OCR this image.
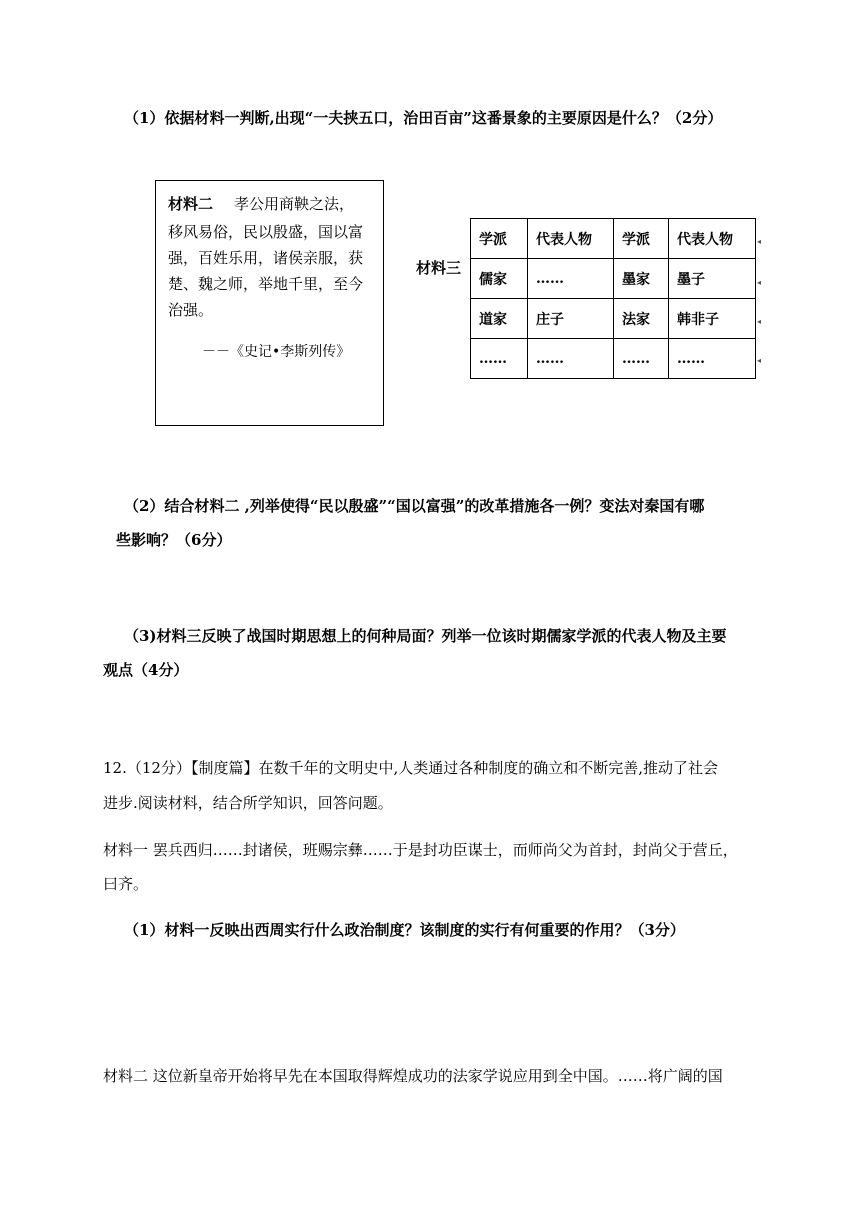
（1）依据材料一判断,出现“一夫挟五口，治田百亩”这番景象的主要原因是什么？（2分）
材料二 孝公用商鞅之法，
移风易俗，民以殷盛，国以富
强，百姓乐用，诸侯亲服，获
楚、魏之师，举地千里，至今
治强。
－－《史记•李斯列传》
材料三
学派	代表人物	学派	代表人物
儒家	……	墨家	墨子
道家	庄子	法家	韩非子
……	……	……	……
◂
◂
◂
◂
（2）结合材料二 ,列举使得“民以殷盛”“国以富强”的改革措施各一例？变法对秦国有哪
些影响？（6分）
（3)材料三反映了战国时期思想上的何种局面？列举一位该时期儒家学派的代表人物及主要
观点（4分）
12.（12分）【制度篇】在数千年的文明史中,人类通过各种制度的确立和不断完善,推动了社会
进步.阅读材料，结合所学知识，回答问题。
材料一 罢兵西归……封诸侯，班赐宗彝……于是封功臣谋士，而师尚父为首封，封尚父于营丘，
曰齐。
（1）材料一反映出西周实行什么政治制度？该制度的实行有何重要的作用？（3分）
材料二 这位新皇帝开始将早先在本国取得辉煌成功的法家学说应用到全中国。……将广阔的国
